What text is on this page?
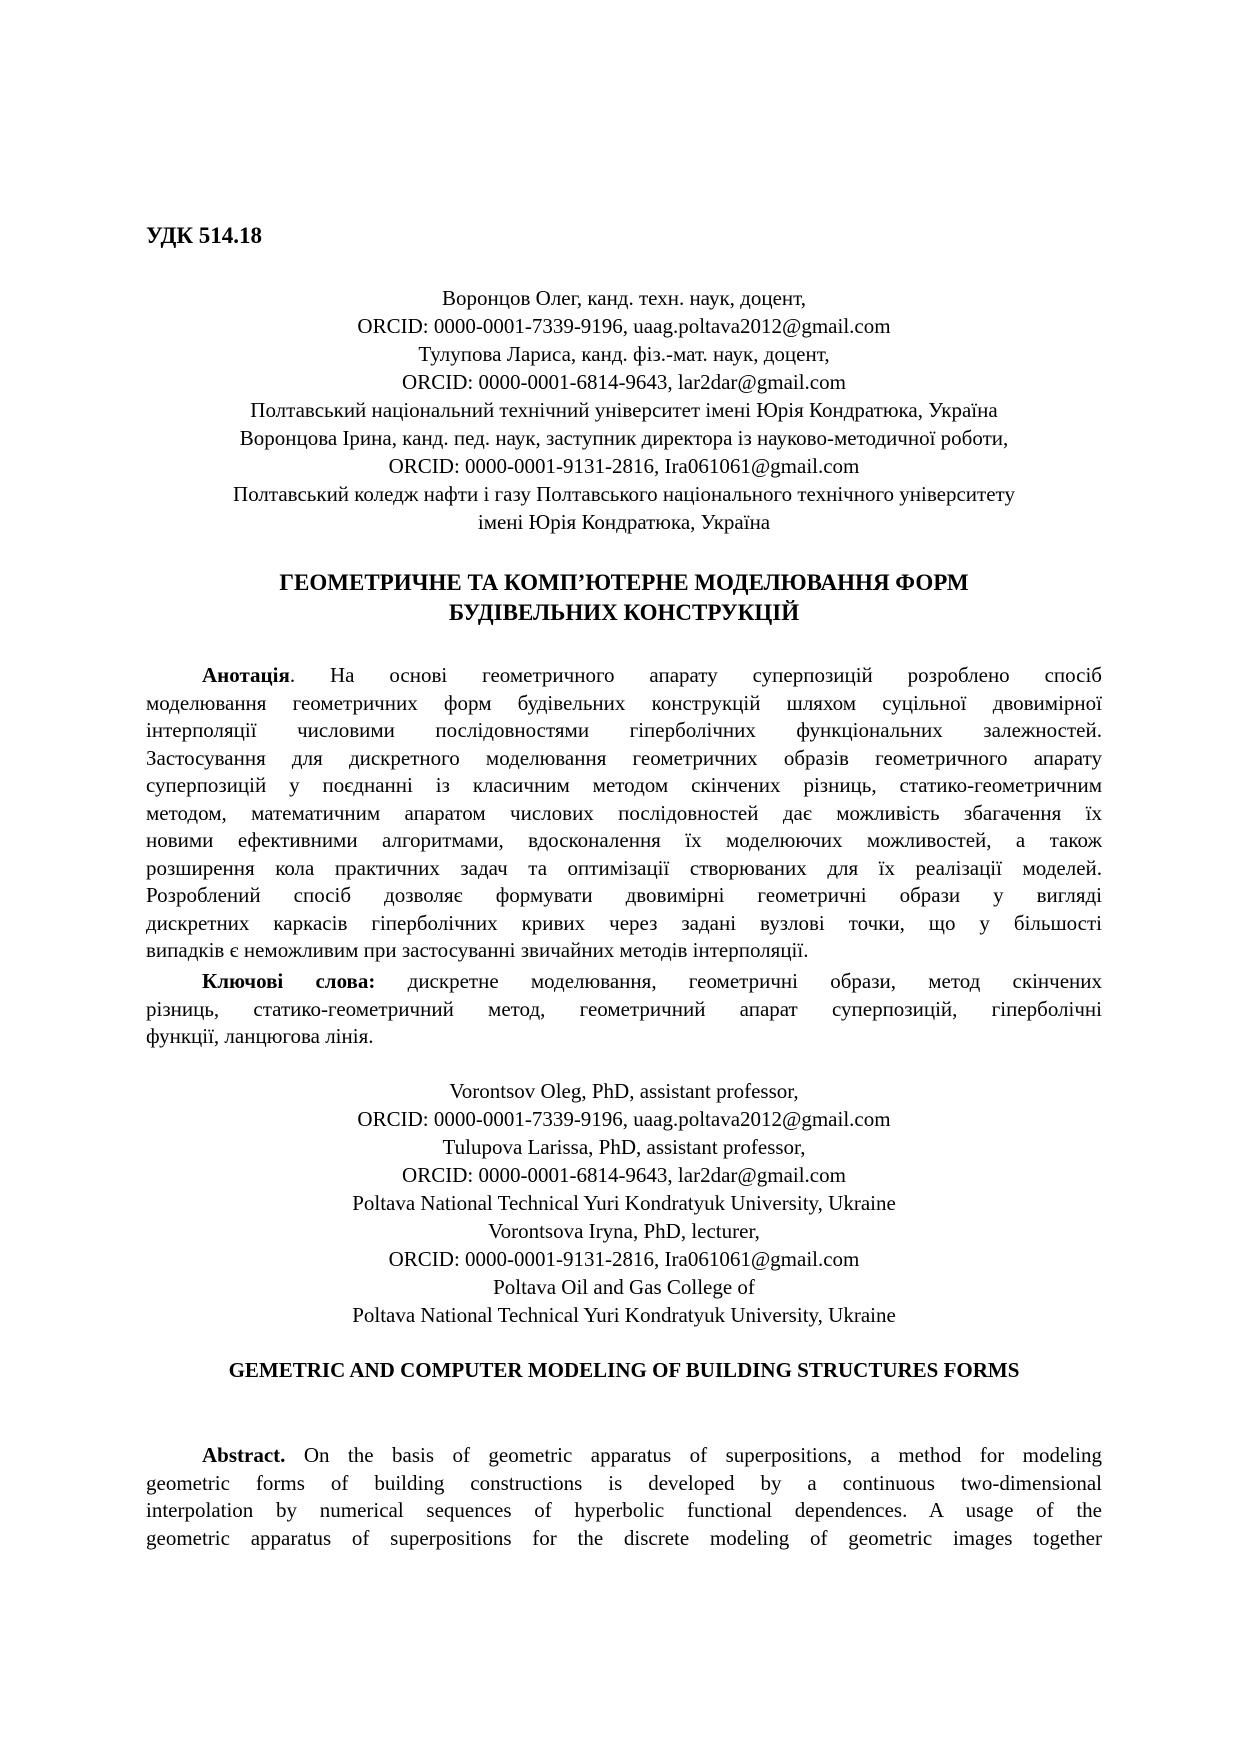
УДК 514.18
Воронцов Олег, канд. техн. наук, доцент,
ORCID: 0000-0001-7339-9196, uaag.poltava2012@gmail.com
Тулупова Лариса, канд. фіз.-мат. наук, доцент,
ORCID: 0000-0001-6814-9643, lar2dar@gmail.com
Полтавський національний технічний університет імені Юрія Кондратюка, Україна
Воронцова Ірина, канд. пед. наук, заступник директора із науково-методичної роботи,
ORCID: 0000-0001-9131-2816, Ira061061@gmail.com
Полтавський коледж нафти і газу Полтавського національного технічного університету
імені Юрія Кондратюка, Україна
ГЕОМЕТРИЧНЕ ТА КОМП’ЮТЕРНЕ МОДЕЛЮВАННЯ ФОРМ
БУДІВЕЛЬНИХ КОНСТРУКЦІЙ
Анотація. На основі геометричного апарату суперпозицій розроблено спосіб
моделювання геометричних форм будівельних конструкцій шляхом суцільної двовимірної
інтерполяції числовими послідовностями гіперболічних функціональних залежностей.
Застосування для дискретного моделювання геометричних образів геометричного апарату
суперпозицій у поєднанні із класичним методом скінчених різниць, статико-геометричним
методом, математичним апаратом числових послідовностей дає можливість збагачення їх
новими ефективними алгоритмами, вдосконалення їх моделюючих можливостей, а також
розширення кола практичних задач та оптимізації створюваних для їх реалізації моделей.
Розроблений спосіб дозволяє формувати двовимірні геометричні образи у вигляді
дискретних каркасів гіперболічних кривих через задані вузлові точки, що у більшості
випадків є неможливим при застосуванні звичайних методів інтерполяції.
Ключові слова: дискретне моделювання, геометричні образи, метод скінчених
різниць, статико-геометричний метод, геометричний апарат суперпозицій, гіперболічні
функції, ланцюгова лінія.
Vorontsov Oleg, PhD, assistant professor,
ORCID: 0000-0001-7339-9196, uaag.poltava2012@gmail.com
Tulupova Larissa, PhD, assistant professor,
ORCID: 0000-0001-6814-9643, lar2dar@gmail.com
Poltava National Technical Yuri Kondratyuk University, Ukraine
Vorontsova Iryna, PhD, lecturer,
ORCID: 0000-0001-9131-2816, Ira061061@gmail.com
Poltava Oil and Gas College of
Poltava National Technical Yuri Kondratyuk University, Ukraine
GEMETRIC AND COMPUTER MODELING OF BUILDING STRUCTURES FORMS
Abstract. On the basis of geometric apparatus of superpositions, a method for modeling
geometric forms of building constructions is developed by a continuous two-dimensional
interpolation by numerical sequences of hyperbolic functional dependences. A usage of the
geometric apparatus of superpositions for the discrete modeling of geometric images together
